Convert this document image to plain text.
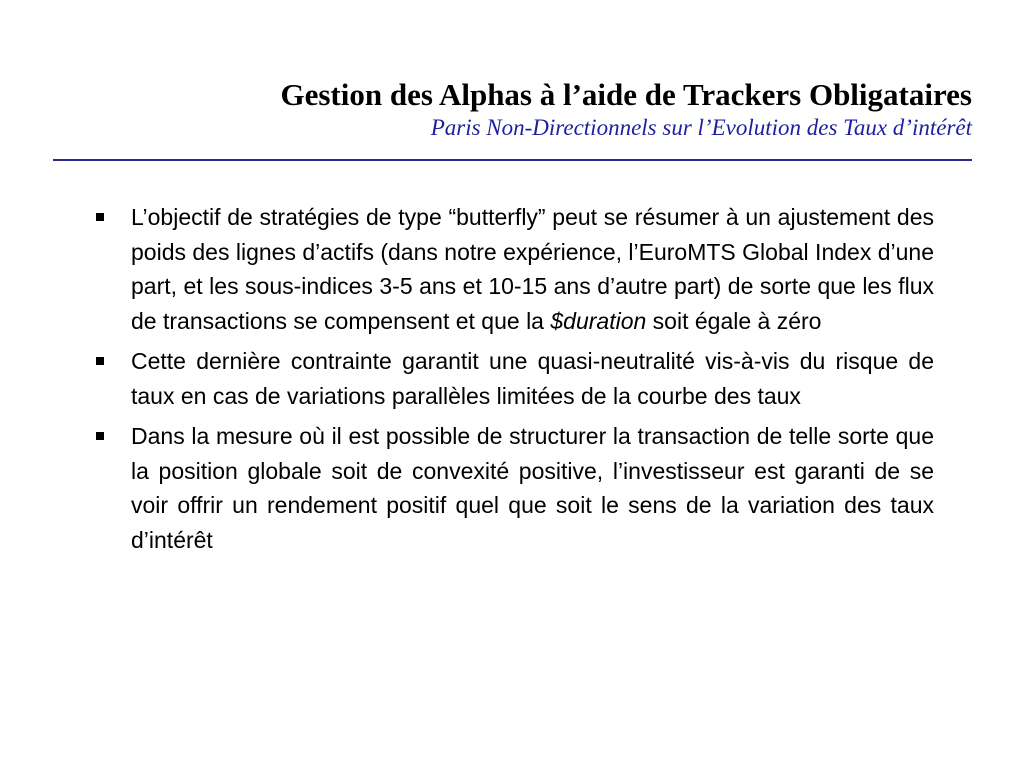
Gestion des Alphas à l’aide de Trackers Obligataires

Paris Non-Directionnels sur l’Evolution des Taux d’intérêt

L’objectif de stratégies de type “butterfly” peut se résumer à un ajustement des poids des lignes d’actifs (dans notre expérience, l’EuroMTS Global Index d’une part, et les sous-indices 3-5 ans et 10-15 ans d’autre part) de sorte que les flux de transactions se compensent et que la $duration soit égale à zéro
Cette dernière contrainte garantit une quasi-neutralité vis-à-vis du risque de taux en cas de variations parallèles limitées de la courbe des taux
Dans la mesure où il est possible de structurer la transaction de telle sorte que la position globale soit de convexité positive, l’investisseur est garanti de se voir offrir un rendement positif quel que soit le sens de la variation des taux d’intérêt
